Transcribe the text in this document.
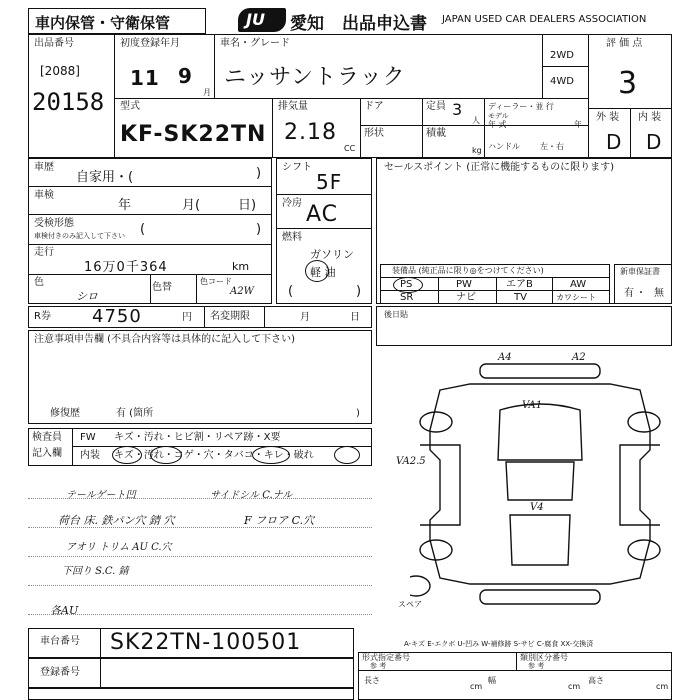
車内保管・守衛保管	JU 愛知 出品申込書 JAPAN USED CAR DEALERS ASSOCIATION
出品番号
[2088]
20158
初度登録年月
11 9
月
車名・グレード
ニッサントラック
2WD
4WD
評 価 点
3
外 装 内 装
D D
型式
KF-SK22TN
排気量
2.18
CC
ドア	定員 3
人
ディーラー・並 行
モデル
年 式	年
形状	積載
kg ハンドル	左・右
車歴
自家用・(	)
車検
年	月(	日)
受検形態
車検付きのみ記入して下さい (	)
走行
16万0千364	km
色
シロ
色替
色コード
A2W
シフト
5F
冷房 AC
燃料
ガソリン
軽 油
(	)
セールスポイント (正常に機能するものに限ります)
装備品 (純正品に限り◎をつけてください)
PS	PW	エアB	AW
SR	ナビ	TV	カワシート
新車保証書
有 ・ 無
R券 4750	円 名変期限	月	日	後日貼
注意事項申告欄 (不具合内容等は具体的に記入して下さい)
修復歴	有 (箇所	)
検査員
記入欄
FW キズ・汚れ・ヒビ割・リペア跡・X要
内装 キズ・汚れ・コゲ・穴・タバコ・キレ・破れ
テールゲート凹	サイドシル C.ナル
荷台 床. 鉄パン穴 錆 穴	F フロア C.穴
アオリ トリム AU C.穴
下回り S.C. 錆
各AU
A4	A2
VA1
VA2.5
V4
スペア
A-キズ E-エクボ U-凹み W-補修跡 S-サビ C-腐食 XX-交換済
車台番号 SK22TN-100501
登録番号
形式指定番号	類別区分番号
参 考	参 考
長さ
cm
幅
cm
高さ
cm
